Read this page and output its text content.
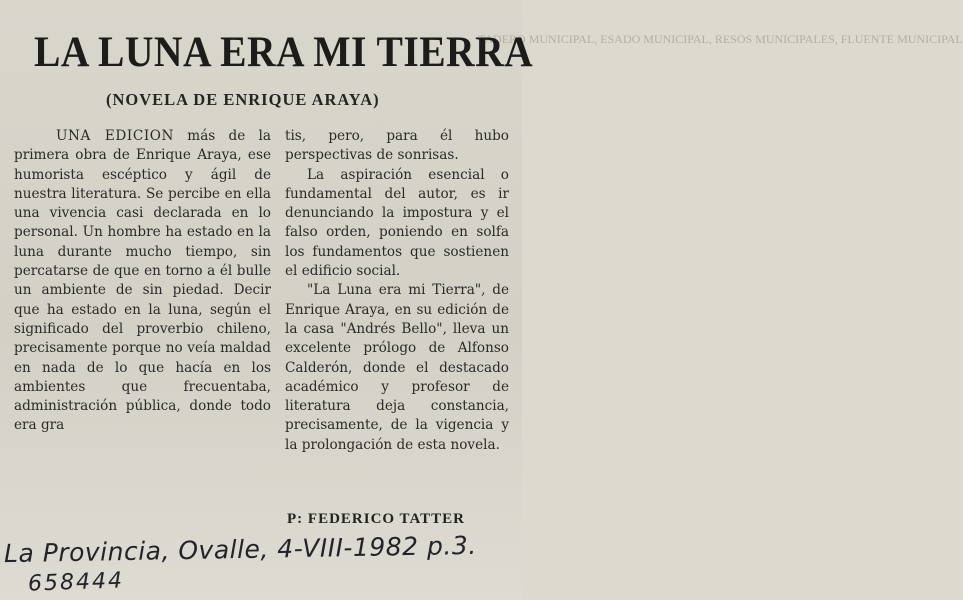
TADERO MUNICIPAL, ESADO MUNICIPAL, RESOS MUNICIPALES, FLUENTE MUNICIPAL
LA LUNA ERA MI TIERRA
(NOVELA DE ENRIQUE ARAYA)

UNA EDICION más de la primera obra de Enrique Araya, ese humorista escéptico y ágil de nuestra literatura. Se percibe en ella una vivencia casi declarada en lo personal. Un hombre ha estado en la luna durante mucho tiempo, sin percatarse de que en torno a él bulle un ambiente de sin piedad. Decir que ha estado en la luna, según el significado del proverbio chileno, precisamente porque no veía maldad en nada de lo que hacía en los ambientes que frecuentaba, administración pública, donde todo era gra

tis, pero, para él hubo perspectivas de sonrisas.

La aspiración esencial o fundamental del autor, es ir denunciando la impostura y el falso orden, poniendo en solfa los fundamentos que sostienen el edificio social.

"La Luna era mi Tierra", de Enrique Araya, en su edición de la casa "Andrés Bello", lleva un excelente prólogo de Alfonso Calderón, donde el destacado académico y profesor de literatura deja constancia, precisamente, de la vigencia y la prolongación de esta novela.

P: FEDERICO TATTER
La Provincia, Ovalle, 4-VIII-1982 p.3.
658444
